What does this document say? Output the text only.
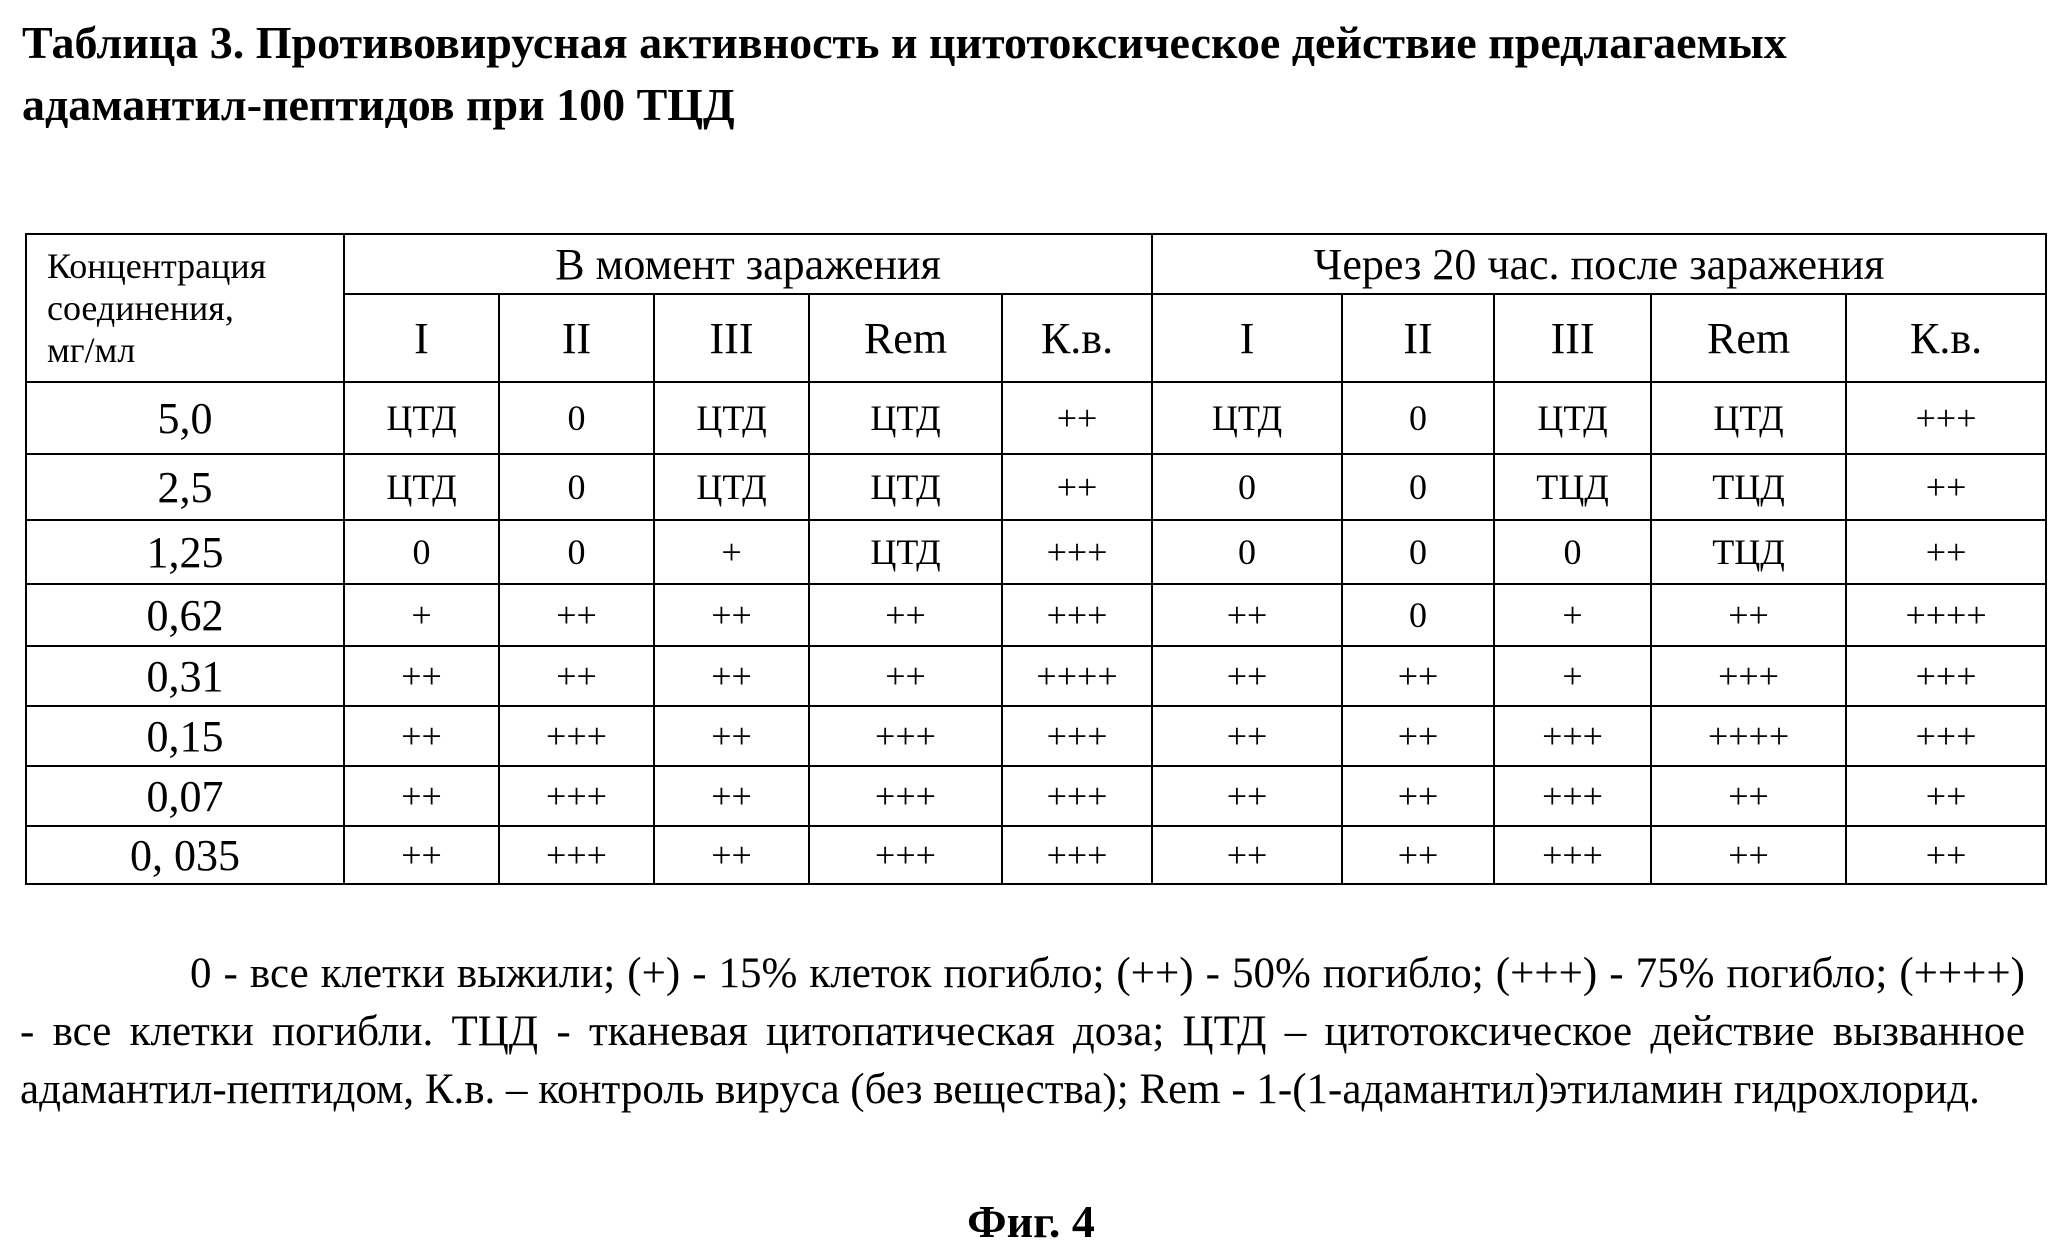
Таблица 3. Противовирусная активность и цитотоксическое действие предлагаемых
адамантил-пептидов при 100 ТЦД
Концентрация
соединения,
мг/мл	В момент заражения					Через 20 час. после заражения				
	I	II	III	Rem	К.в.	I	II	III	Rem	К.в.
5,0	ЦТД	0	ЦТД	ЦТД	++	ЦТД	0	ЦТД	ЦТД	+++
2,5	ЦТД	0	ЦТД	ЦТД	++	0	0	ТЦД	ТЦД	++
1,25	0	0	+	ЦТД	+++	0	0	0	ТЦД	++
0,62	+	++	++	++	+++	++	0	+	++	++++
0,31	++	++	++	++	++++	++	++	+	+++	+++
0,15	++	+++	++	+++	+++	++	++	+++	++++	+++
0,07	++	+++	++	+++	+++	++	++	+++	++	++
0, 035	++	+++	++	+++	+++	++	++	+++	++	++

0 - все клетки выжили; (+) - 15% клеток погибло; (++) - 50% погибло; (+++) - 75% погибло; (++++) - все клетки погибли. ТЦД - тканевая цитопатическая доза; ЦТД – цитотоксическое действие вызванное адамантил-пептидом, К.в. – контроль вируса (без вещества); Rem - 1-(1-адамантил)этиламин гидрохлорид.

Фиг. 4
